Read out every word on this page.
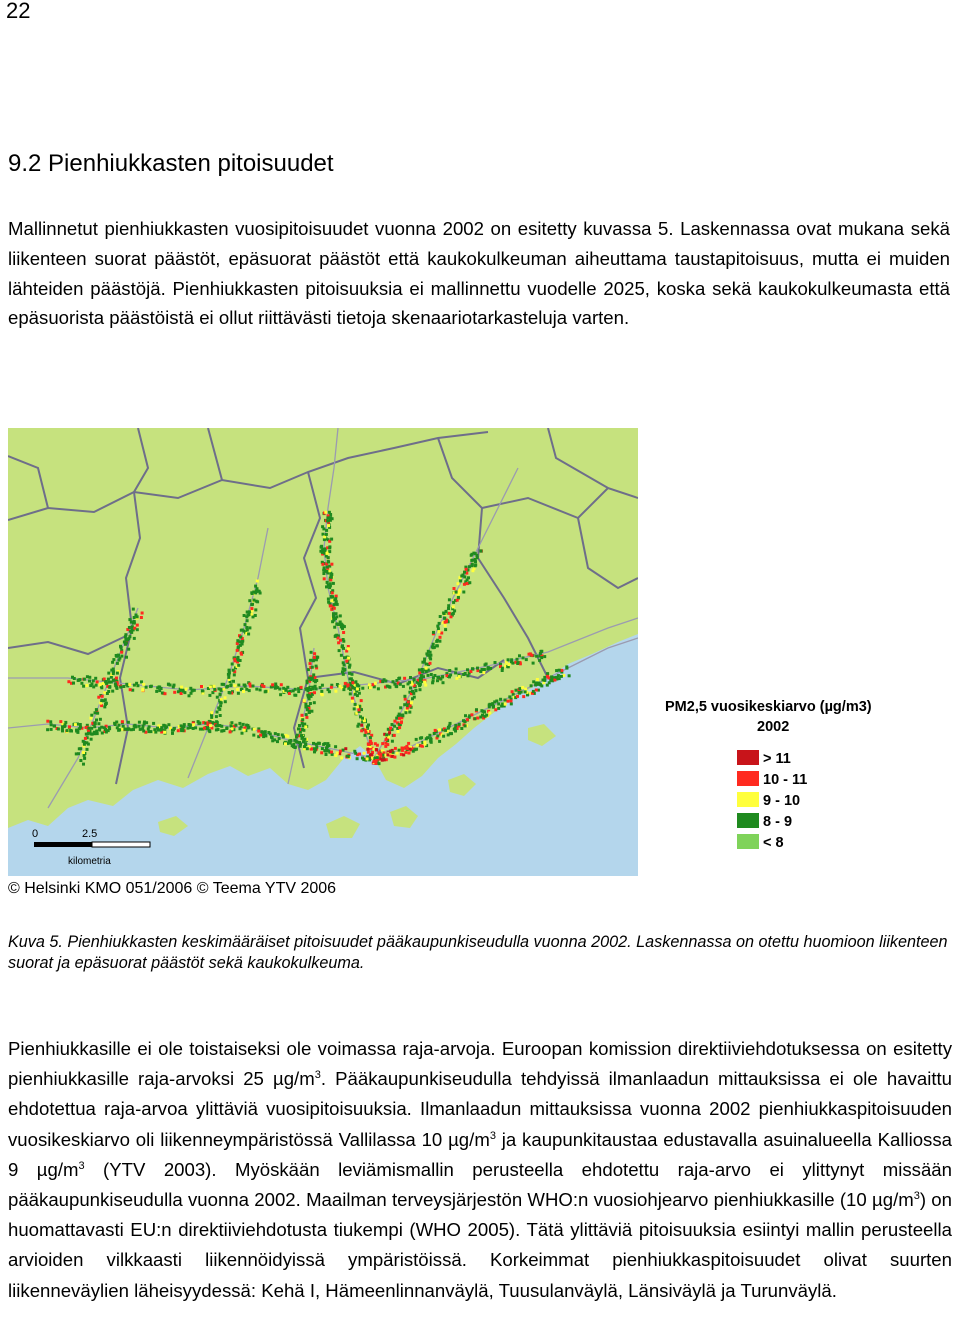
22
9.2 Pienhiukkasten pitoisuudet

Mallinnetut pienhiukkasten vuosipitoisuudet vuonna 2002 on esitetty kuvassa 5. Laskennassa ovat mukana sekä liikenteen suorat päästöt, epäsuorat päästöt että kaukokulkeuman aiheuttama taustapitoisuus, mutta ei muiden lähteiden päästöjä. Pienhiukkasten pitoisuuksia ei mallinnettu vuodelle 2025, koska sekä kaukokulkeumasta että epäsuorista päästöistä ei ollut riittävästi tietoja skenaariotarkasteluja varten.

0	2.5
kilometria
PM2,5 vuosikeskiarvo (µg/m3)
2002
> 11
10 - 11
9 - 10
8 - 9
< 8
© Helsinki KMO 051/2006 © Teema YTV 2006

Kuva 5. Pienhiukkasten keskimääräiset pitoisuudet pääkaupunkiseudulla vuonna 2002. Laskennassa on otettu huomioon liikenteen suorat ja epäsuorat päästöt sekä kaukokulkeuma.

Pienhiukkasille ei ole toistaiseksi ole voimassa raja-arvoja. Euroopan komission direktiiviehdotuksessa on esitetty pienhiukkasille raja-arvoksi 25 $\mu g/m^3$. Pääkaupunkiseudulla tehdyissä ilmanlaadun mittauksissa ei ole havaittu ehdotettua raja-arvoa ylittäviä vuosipitoisuuksia. Ilmanlaadun mittauksissa vuonna 2002 pienhiukkaspitoisuuden vuosikeskiarvo oli liikenneympäristössä Vallilassa 10 $\mu g/m^3$ ja kaupunkitaustaa edustavalla asuinalueella Kalliossa 9 $\mu g/m^3$ (YTV 2003). Myöskään leviämismallin perusteella ehdotettu raja-arvo ei ylittynyt missään pääkaupunkiseudulla vuonna 2002. Maailman terveysjärjestön WHO:n vuosiohjearvo pienhiukkasille (10 $\mu g/m^3$) on huomattavasti EU:n direktiiviehdotusta tiukempi (WHO 2005). Tätä ylittäviä pitoisuuksia esiintyi mallin perusteella arvioiden vilkkaasti liikennöidyissä ympäristöissä. Korkeimmat pienhiukkaspitoisuudet olivat suurten liikenneväylien läheisyydessä: Kehä I, Hämeenlinnanväylä, Tuusulanväylä, Länsiväylä ja Turunväylä.
